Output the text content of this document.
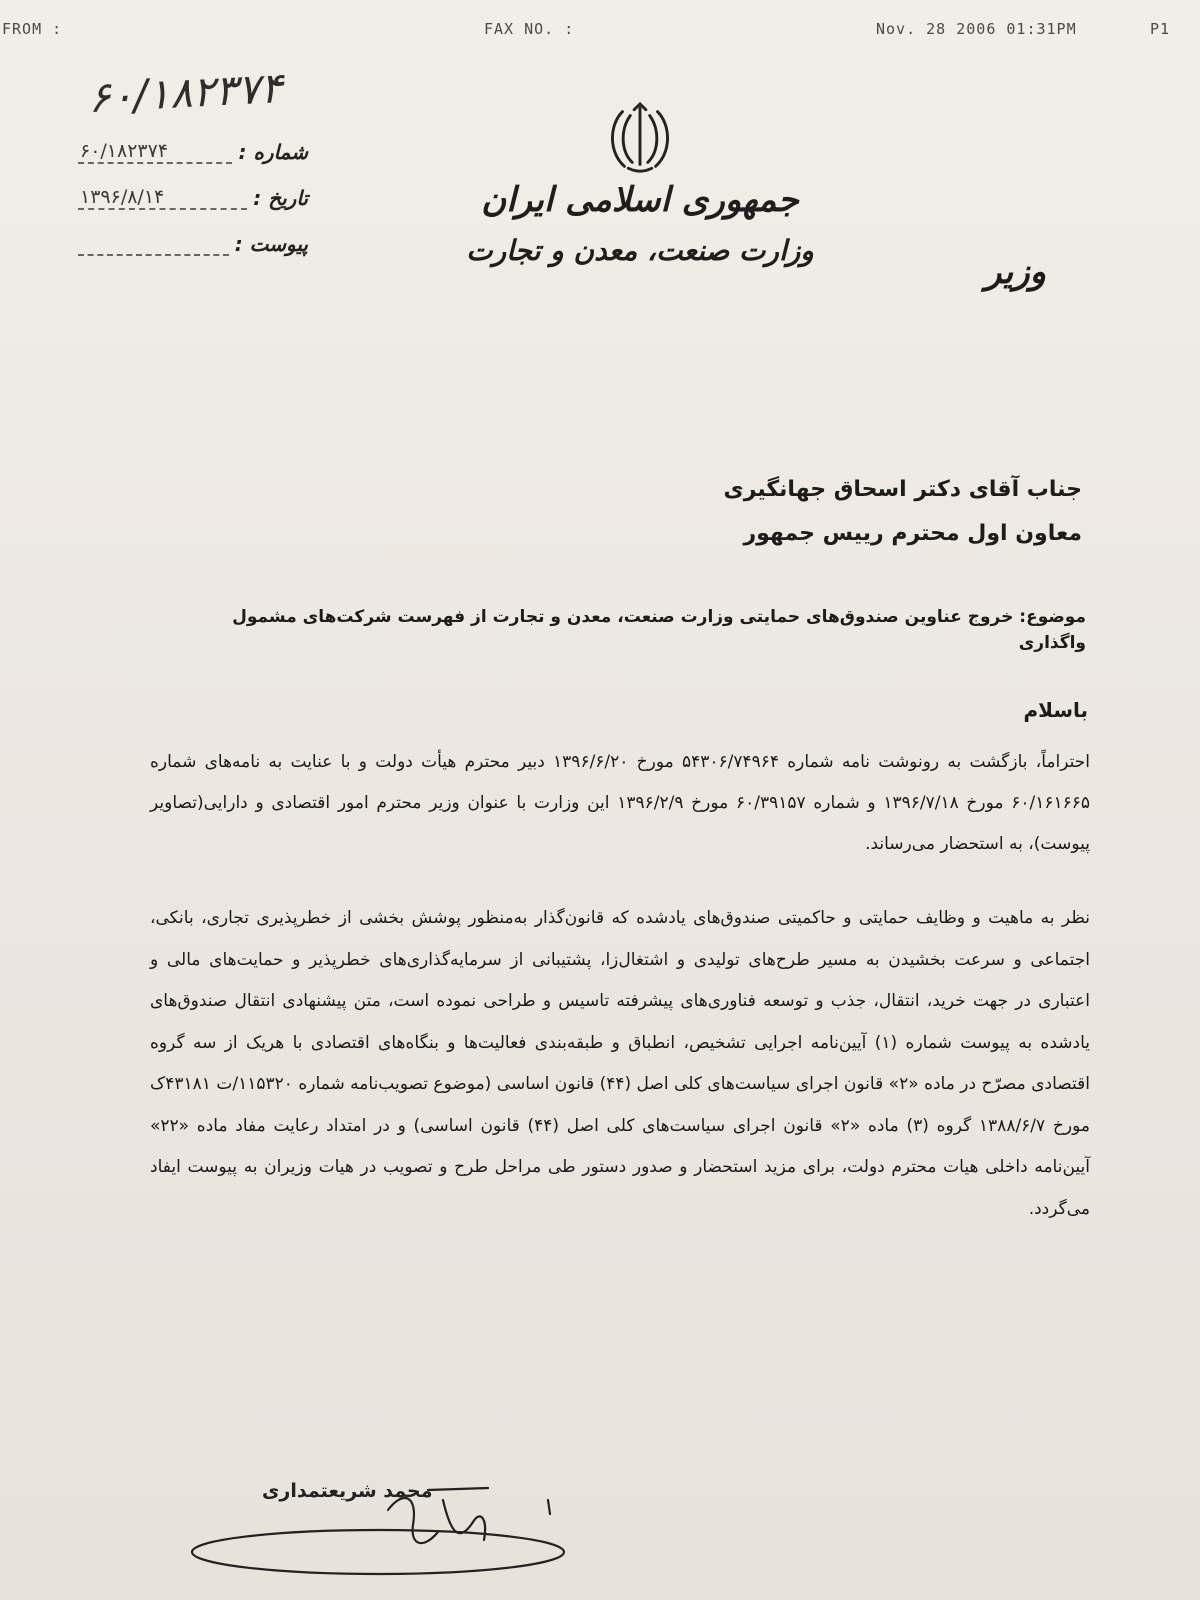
FROM :	FAX NO. :	Nov. 28 2006 01:31PM	P1
۶۰/۱۸۲۳۷۴
شماره :
۶۰/۱۸۲۳۷۴
تاریخ :
۱۳۹۶/۸/۱۴
پیوست :
جمهوری اسلامی ایران
وزارت صنعت، معدن و تجارت
وزیر
جناب آقای دکتر اسحاق جهانگیری
معاون اول محترم رییس جمهور
موضوع: خروج عناوین صندوق‌های حمایتی وزارت صنعت، معدن و تجارت از فهرست شرکت‌های مشمول واگذاری
باسلام
احتراماً، بازگشت به رونوشت نامه شماره ۵۴۳۰۶/۷۴۹۶۴ مورخ ۱۳۹۶/۶/۲۰ دبیر محترم هیأت دولت و با عنایت به نامه‌های شماره ۶۰/۱۶۱۶۶۵ مورخ ۱۳۹۶/۷/۱۸ و شماره ۶۰/۳۹۱۵۷ مورخ ۱۳۹۶/۲/۹ این وزارت با عنوان وزیر محترم امور اقتصادی و دارایی(تصاویر پیوست)، به استحضار می‌رساند.
نظر به ماهیت و وظایف حمایتی و حاکمیتی صندوق‌های یادشده که قانون‌گذار به‌منظور پوشش بخشی از خطرپذیری تجاری، بانکی، اجتماعی و سرعت بخشیدن به مسیر طرح‌های تولیدی و اشتغال‌زا، پشتیبانی از سرمایه‌گذاری‌های خطرپذیر و حمایت‌های مالی و اعتباری در جهت خرید، انتقال، جذب و توسعه فناوری‌های پیشرفته تاسیس و طراحی نموده است، متن پیشنهادی انتقال صندوق‌های یادشده به پیوست شماره (۱) آیین‌نامه اجرایی تشخیص، انطباق و طبقه‌بندی فعالیت‌ها و بنگاه‌های اقتصادی با هریک از سه گروه اقتصادی مصرّح در ماده «۲» قانون اجرای سیاست‌های کلی اصل (۴۴) قانون اساسی (موضوع تصویب‌نامه شماره ۱۱۵۳۲۰/ت ۴۳۱۸۱ک مورخ ۱۳۸۸/۶/۷ گروه (۳) ماده «۲» قانون اجرای سیاست‌های کلی اصل (۴۴) قانون اساسی) و در امتداد رعایت مفاد ماده «۲۲» آیین‌نامه داخلی هیات محترم دولت، برای مزید استحضار و صدور دستور طی مراحل طرح و تصویب در هیات وزیران به پیوست ایفاد می‌گردد.
محمد شریعتمداری
